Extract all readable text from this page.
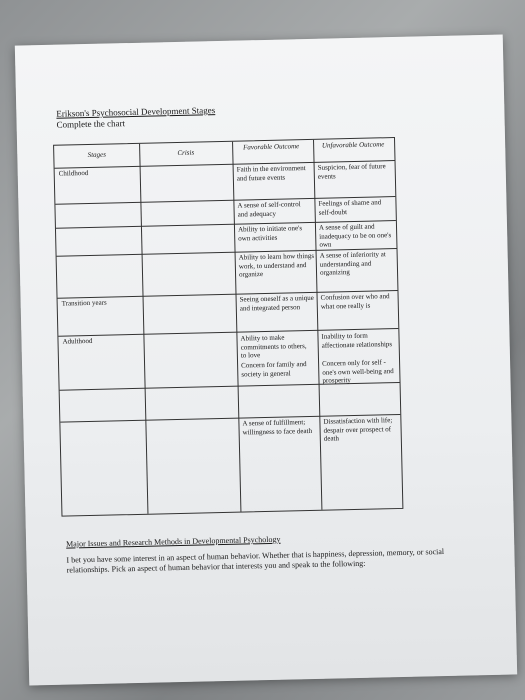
Erikson's Psychosocial Development Stages
Complete the chart
Stages	Crisis
Favorable Outcome	Unfavorable Outcome
Childhood
Transition years
Adulthood
Faith in the environment and future events
A sense of self-control and adequacy
Ability to initiate one's own activities
Ability to learn how things work, to understand and organize
Seeing oneself as a unique and integrated person
Ability to make commitments to others, to love
Concern for family and society in general
A sense of fulfillment; willingness to face death
Suspicion, fear of future events
Feelings of shame and self-doubt
A sense of guilt and inadequacy to be on one's own
A sense of inferiority at understanding and organizing
Confusion over who and what one really is
Inability to form affectionate relationships
Concern only for self - one's own well-being and prosperity
Dissatisfaction with life; despair over prospect of death
Major Issues and Research Methods in Developmental Psychology
I bet you have some interest in an aspect of human behavior. Whether that is happiness, depression, memory, or social relationships. Pick an aspect of human behavior that interests you and speak to the following:
